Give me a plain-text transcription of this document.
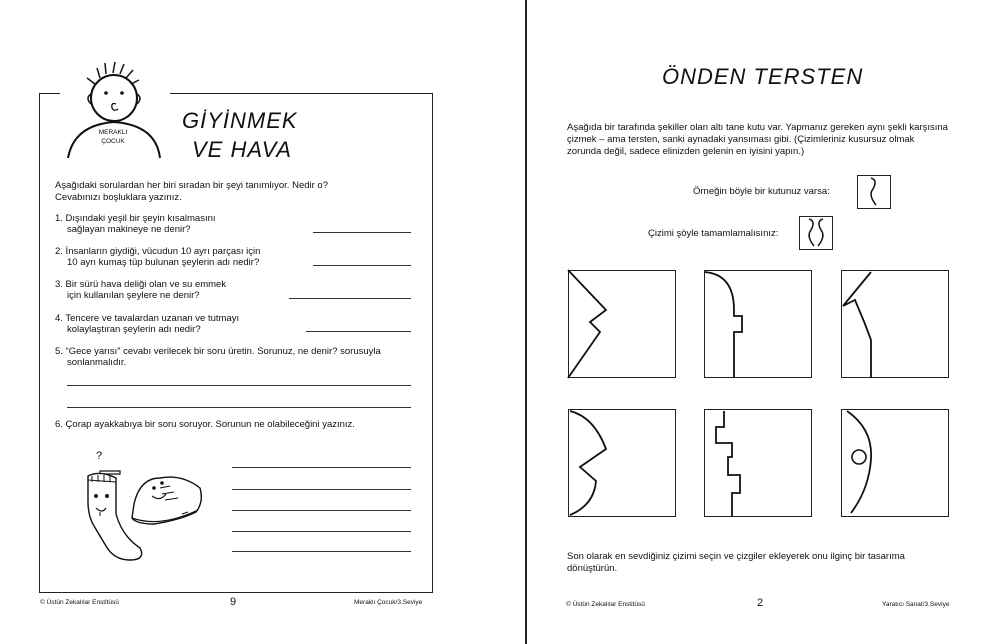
MERAKLI
ÇOCUK
GİYİNMEK
VE HAVA
Aşağıdaki sorulardan her biri sıradan bir şeyi tanımlıyor. Nedir o? Cevabınızı boşluklara yazınız.
1. Dışındaki yeşil bir şeyin kısalmasını
sağlayan makineye ne denir?
2. İnsanların giydiği, vücudun 10 ayrı parçası için
10 ayrı kumaş tüp bulunan şeylerin adı nedir?
3. Bir sürü hava deliği olan ve su emmek
için kullanılan şeylere ne denir?
4. Tencere ve tavalardan uzanan ve tutmayı
kolaylaştıran şeylerin adı nedir?
5. “Gece yarısı” cevabı verilecek bir soru üretin. Sorunuz, ne denir? sorusuyla
sonlanmalıdır.
6. Çorap ayakkabıya bir soru soruyor. Sorunun ne olabileceğini yazınız.
?
© Üstün Zekalılar Enstitüsü	9	Meraklı Çocuk/3.Seviye
ÖNDEN TERSTEN
Aşağıda bir tarafında şekiller olan altı tane kutu var. Yapmanız gereken aynı şekli karşısına çizmek – ama tersten, sanki aynadaki yansıması gibi. (Çizimleriniz kusursuz olmak zorunda değil, sadece elinizden gelenin en iyisini yapın.)
Örneğin böyle bir kutunuz varsa:
Çizimi şöyle tamamlamalısınız:
Son olarak en sevdiğiniz çizimi seçin ve çizgiler ekleyerek onu ilginç bir tasarıma dönüştürün.
© Üstün Zekalılar Enstitüsü	2	Yaratıcı Sanat/3.Seviye
